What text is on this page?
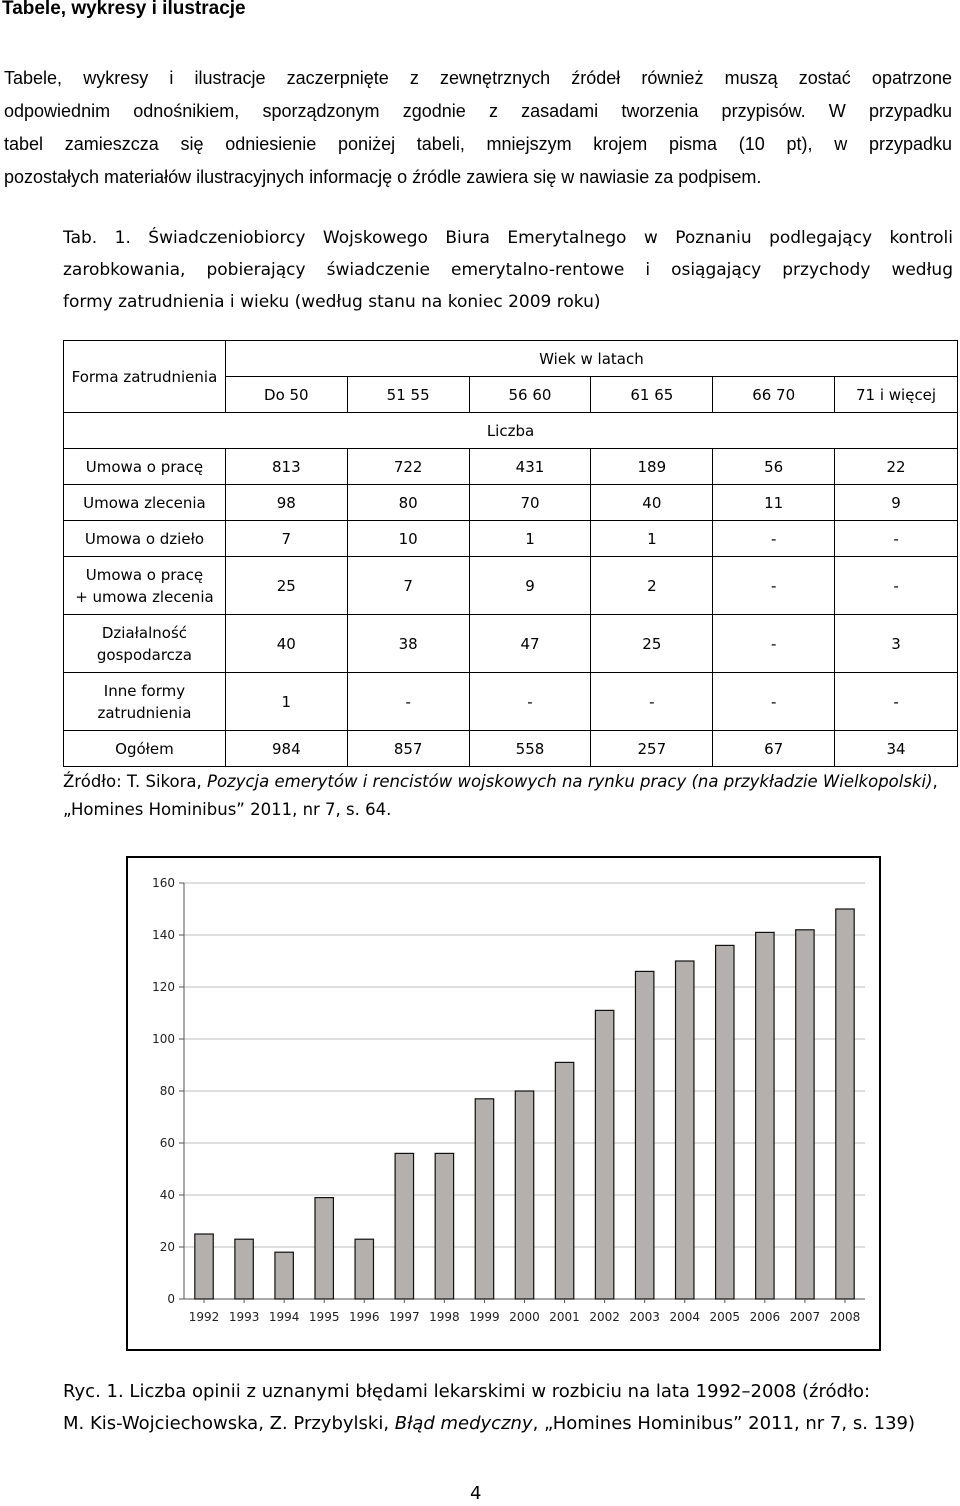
Tabele, wykresy i ilustracje
Tabele, wykresy i ilustracje zaczerpnięte z zewnętrznych źródeł również muszą zostać opatrzone
odpowiednim odnośnikiem, sporządzonym zgodnie z zasadami tworzenia przypisów. W przypadku
tabel zamieszcza się odniesienie poniżej tabeli, mniejszym krojem pisma (10 pt), w przypadku
pozostałych materiałów ilustracyjnych informację o źródle zawiera się w nawiasie za podpisem.
Tab. 1. Świadczeniobiorcy Wojskowego Biura Emerytalnego w Poznaniu podlegający kontroli
zarobkowania, pobierający świadczenie emerytalno-rentowe i osiągający przychody według
formy zatrudnienia i wieku (według stanu na koniec 2009 roku)
Forma zatrudnienia	Wiek w latach					
	Do 50	51 55	56 60	61 65	66 70	71 i więcej
Liczba						

Umowa o pracę	813	722	431	189	56	22

Umowa zlecenia	98	80	70	40	11	9

Umowa o dzieło	7	10	1	1	-	-

Umowa o pracę
+ umowa zlecenia	25	7	9	2	-	-

Działalność
gospodarcza	40	38	47	25	-	3

Inne formy
zatrudnienia	1	-	-	-	-	-

Ogółem	984	857	558	257	67	34
Źródło: T. Sikora, Pozycja emerytów i rencistów wojskowych na rynku pracy (na przykładzie Wielkopolski), „Homines Hominibus” 2011, nr 7, s. 64.
0
20
40
60
80
100
120
140
160
1992 1993 1994 1995 1996 1997 1998 1999 2000 2001 2002 2003 2004 2005 2006 2007 2008
Ryc. 1. Liczba opinii z uznanymi błędami lekarskimi w rozbiciu na lata 1992–2008 (źródło:
M. Kis-Wojciechowska, Z. Przybylski, Błąd medyczny, „Homines Hominibus” 2011, nr 7, s. 139)
4
